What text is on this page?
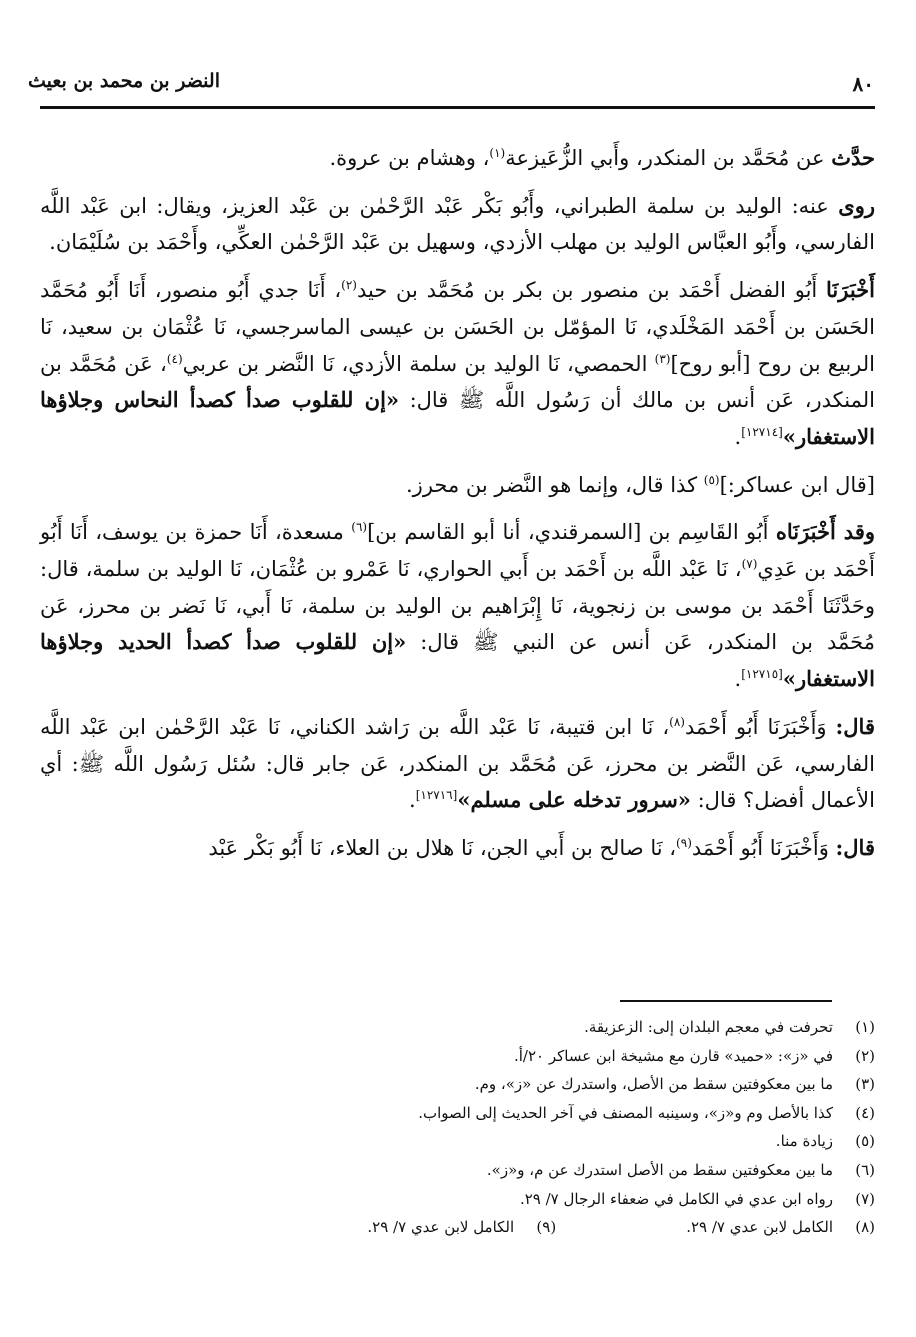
٨٠
النضر بن محمد بن بعيث

حدَّث عن مُحَمَّد بن المنكدر، وأَبي الزُّعَيزعة$^{(١)}$، وهشام بن عروة.

روى عنه: الوليد بن سلمة الطبراني، وأَبُو بَكْر عَبْد الرَّحْمٰن بن عَبْد العزيز، ويقال: ابن عَبْد اللَّه الفارسي، وأَبُو العبَّاس الوليد بن مهلب الأزدي، وسهيل بن عَبْد الرَّحْمٰن العكِّي، وأَحْمَد بن سُلَيْمَان.

أَخْبَرَنَا أَبُو الفضل أَحْمَد بن منصور بن بكر بن مُحَمَّد بن حيد$^{(٢)}$، أَنَا جدي أَبُو منصور، أَنَا أَبُو مُحَمَّد الحَسَن بن أَحْمَد المَخْلَدي، نَا المؤمّل بن الحَسَن بن عيسى الماسرجسي، نَا عُثْمَان بن سعيد، نَا الربيع بن روح [أبو روح]$^{(٣)}$ الحمصي، نَا الوليد بن سلمة الأزدي، نَا النَّضر بن عربي$^{(٤)}$، عَن مُحَمَّد بن المنكدر، عَن أنس بن مالك أن رَسُول اللَّه ﷺ قال: «إن للقلوب صدأ كصدأ النحاس وجلاؤها الاستغفار»[١٢٧١٤].

[قال ابن عساكر:]$^{(٥)}$ كذا قال، وإنما هو النَّضر بن محرز.

وقد أَخْبَرَنَاه أَبُو القَاسِم بن [السمرقندي، أنا أبو القاسم بن]$^{(٦)}$ مسعدة، أَنَا حمزة بن يوسف، أَنَا أَبُو أَحْمَد بن عَدِي$^{(٧)}$، نَا عَبْد اللَّه بن أَحْمَد بن أَبي الحواري، نَا عَمْرو بن عُثْمَان، نَا الوليد بن سلمة، قال: وحَدَّثَنَا أَحْمَد بن موسى بن زنجوية، نَا إِبْرَاهيم بن الوليد بن سلمة، نَا أَبي، نَا نَضر بن محرز، عَن مُحَمَّد بن المنكدر، عَن أنس عن النبي ﷺ قال: «إن للقلوب صدأ كصدأ الحديد وجلاؤها الاستغفار»[١٢٧١٥].

قال: وَأَخْبَرَنَا أَبُو أَحْمَد$^{(٨)}$، نَا ابن قتيبة، نَا عَبْد اللَّه بن رَاشد الكناني، نَا عَبْد الرَّحْمٰن ابن عَبْد اللَّه الفارسي، عَن النَّضر بن محرز، عَن مُحَمَّد بن المنكدر، عَن جابر قال: سُئل رَسُول اللَّه ﷺ: أي الأعمال أفضل؟ قال: «سرور تدخله على مسلم»[١٢٧١٦].

قال: وَأَخْبَرَنَا أَبُو أَحْمَد$^{(٩)}$، نَا صالح بن أَبي الجن، نَا هلال بن العلاء، نَا أَبُو بَكْر عَبْد

(١)تحرفت في معجم البلدان إلى: الزعزيقة.
(٢)في «ز»: «حميد» قارن مع مشيخة ابن عساكر ٢٠/أ.
(٣)ما بين معكوفتين سقط من الأصل، واستدرك عن «ز»، وم.
(٤)كذا بالأصل وم و«ز»، وسينبه المصنف في آخر الحديث إلى الصواب.
(٥)زيادة منا.
(٦)ما بين معكوفتين سقط من الأصل استدرك عن م، و«ز».
(٧)رواه ابن عدي في الكامل في ضعفاء الرجال ٧/ ٢٩.
(٨)الكامل لابن عدي ٧/ ٢٩.(٩)الكامل لابن عدي ٧/ ٢٩.
